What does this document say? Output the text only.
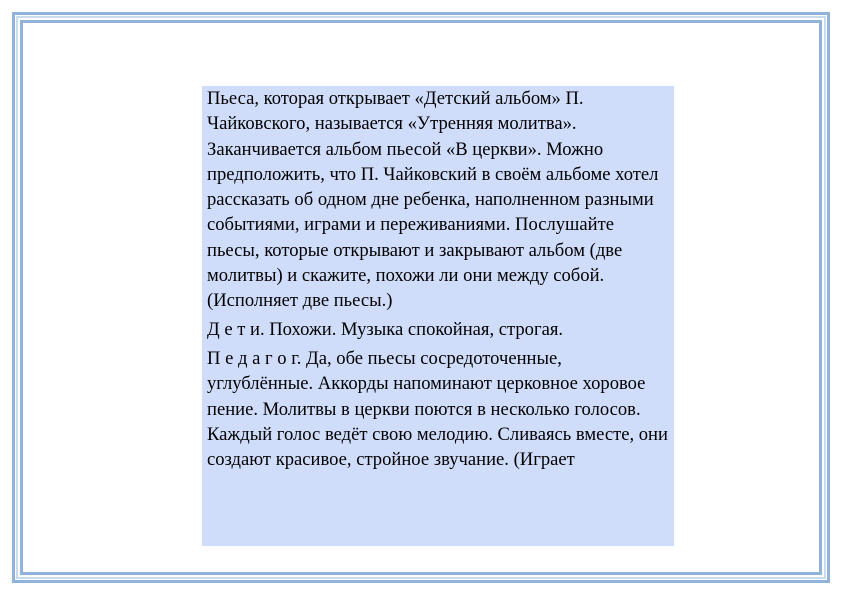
Пьеса, которая открывает «Детский альбом» П. Чайковского, называется «Утренняя молитва». Заканчивается альбом пьесой «В церкви». Можно предположить, что П. Чайковский в своём альбоме хотел рассказать об одном дне ребенка, наполненном разными событиями, играми и переживаниями. Послушайте пьесы, которые открывают и закрывают альбом (две молитвы) и скажите, похожи ли они между собой. (Исполняет две пьесы.)

Д е т и. Похожи. Музыка спокойная, строгая.

П е д а г о г. Да, обе пьесы сосредоточенные, углублённые. Аккорды напоминают церковное хоровое пение. Молитвы в церкви поются в несколько голосов. Каждый голос ведёт свою мелодию. Сливаясь вместе, они создают красивое, стройное звучание. (Играет
